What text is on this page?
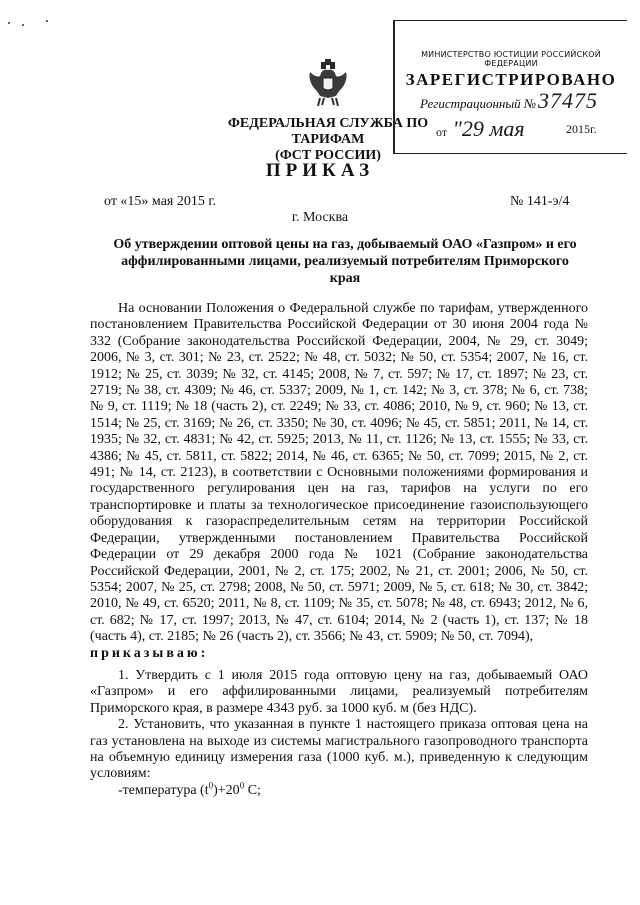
ФЕДЕРАЛЬНАЯ СЛУЖБА ПО ТАРИФАМ
(ФСТ РОССИИ)
МИНИСТЕРСТВО ЮСТИЦИИ РОССИЙСКОЙ ФЕДЕРАЦИИ
ЗАРЕГИСТРИРОВАНО
Регистрационный № 37475
от "29 мая	2015г.
ПРИКАЗ
от «15» мая 2015 г.	№ 141-э/4
г. Москва
Об утверждении оптовой цены на газ, добываемый ОАО «Газпром» и его аффилированными лицами, реализуемый потребителям Приморского края

На основании Положения о Федеральной службе по тарифам, утвержденного постановлением Правительства Российской Федерации от 30 июня 2004 года № 332 (Собрание законодательства Российской Федерации, 2004, № 29, ст. 3049; 2006, № 3, ст. 301; № 23, ст. 2522; № 48, ст. 5032; № 50, ст. 5354; 2007, № 16, ст. 1912; № 25, ст. 3039; № 32, ст. 4145; 2008, № 7, ст. 597; № 17, ст. 1897; № 23, ст. 2719; № 38, ст. 4309; № 46, ст. 5337; 2009, № 1, ст. 142; № 3, ст. 378; № 6, ст. 738; № 9, ст. 1119; № 18 (часть 2), ст. 2249; № 33, ст. 4086; 2010, № 9, ст. 960; № 13, ст. 1514; № 25, ст. 3169; № 26, ст. 3350; № 30, ст. 4096; № 45, ст. 5851; 2011, № 14, ст. 1935; № 32, ст. 4831; № 42, ст. 5925; 2013, № 11, ст. 1126; № 13, ст. 1555; № 33, ст. 4386; № 45, ст. 5811, ст. 5822; 2014, № 46, ст. 6365; № 50, ст. 7099; 2015, № 2, ст. 491; № 14, ст. 2123), в соответствии с Основными положениями формирования и государственного регулирования цен на газ, тарифов на услуги по его транспортировке и платы за технологическое присоединение газоиспользующего оборудования к газораспределительным сетям на территории Российской Федерации, утвержденными постановлением Правительства Российской Федерации от 29 декабря 2000 года № 1021 (Собрание законодательства Российской Федерации, 2001, № 2, ст. 175; 2002, № 21, ст. 2001; 2006, № 50, ст. 5354; 2007, № 25, ст. 2798; 2008, № 50, ст. 5971; 2009, № 5, ст. 618; № 30, ст. 3842; 2010, № 49, ст. 6520; 2011, № 8, ст. 1109; № 35, ст. 5078; № 48, ст. 6943; 2012, № 6, ст. 682; № 17, ст. 1997; 2013, № 47, ст. 6104; 2014, № 2 (часть 1), ст. 137; № 18 (часть 4), ст. 2185; № 26 (часть 2), ст. 3566; № 43, ст. 5909; № 50, ст. 7094),

приказываю:

1. Утвердить с 1 июля 2015 года оптовую цену на газ, добываемый ОАО «Газпром» и его аффилированными лицами, реализуемый потребителям Приморского края, в размере 4343 руб. за 1000 куб. м (без НДС).

2. Установить, что указанная в пункте 1 настоящего приказа оптовая цена на газ установлена на выходе из системы магистрального газопроводного транспорта на объемную единицу измерения газа (1000 куб. м.), приведенную к следующим условиям:

-температура $(t^0)+20^0$ С;
